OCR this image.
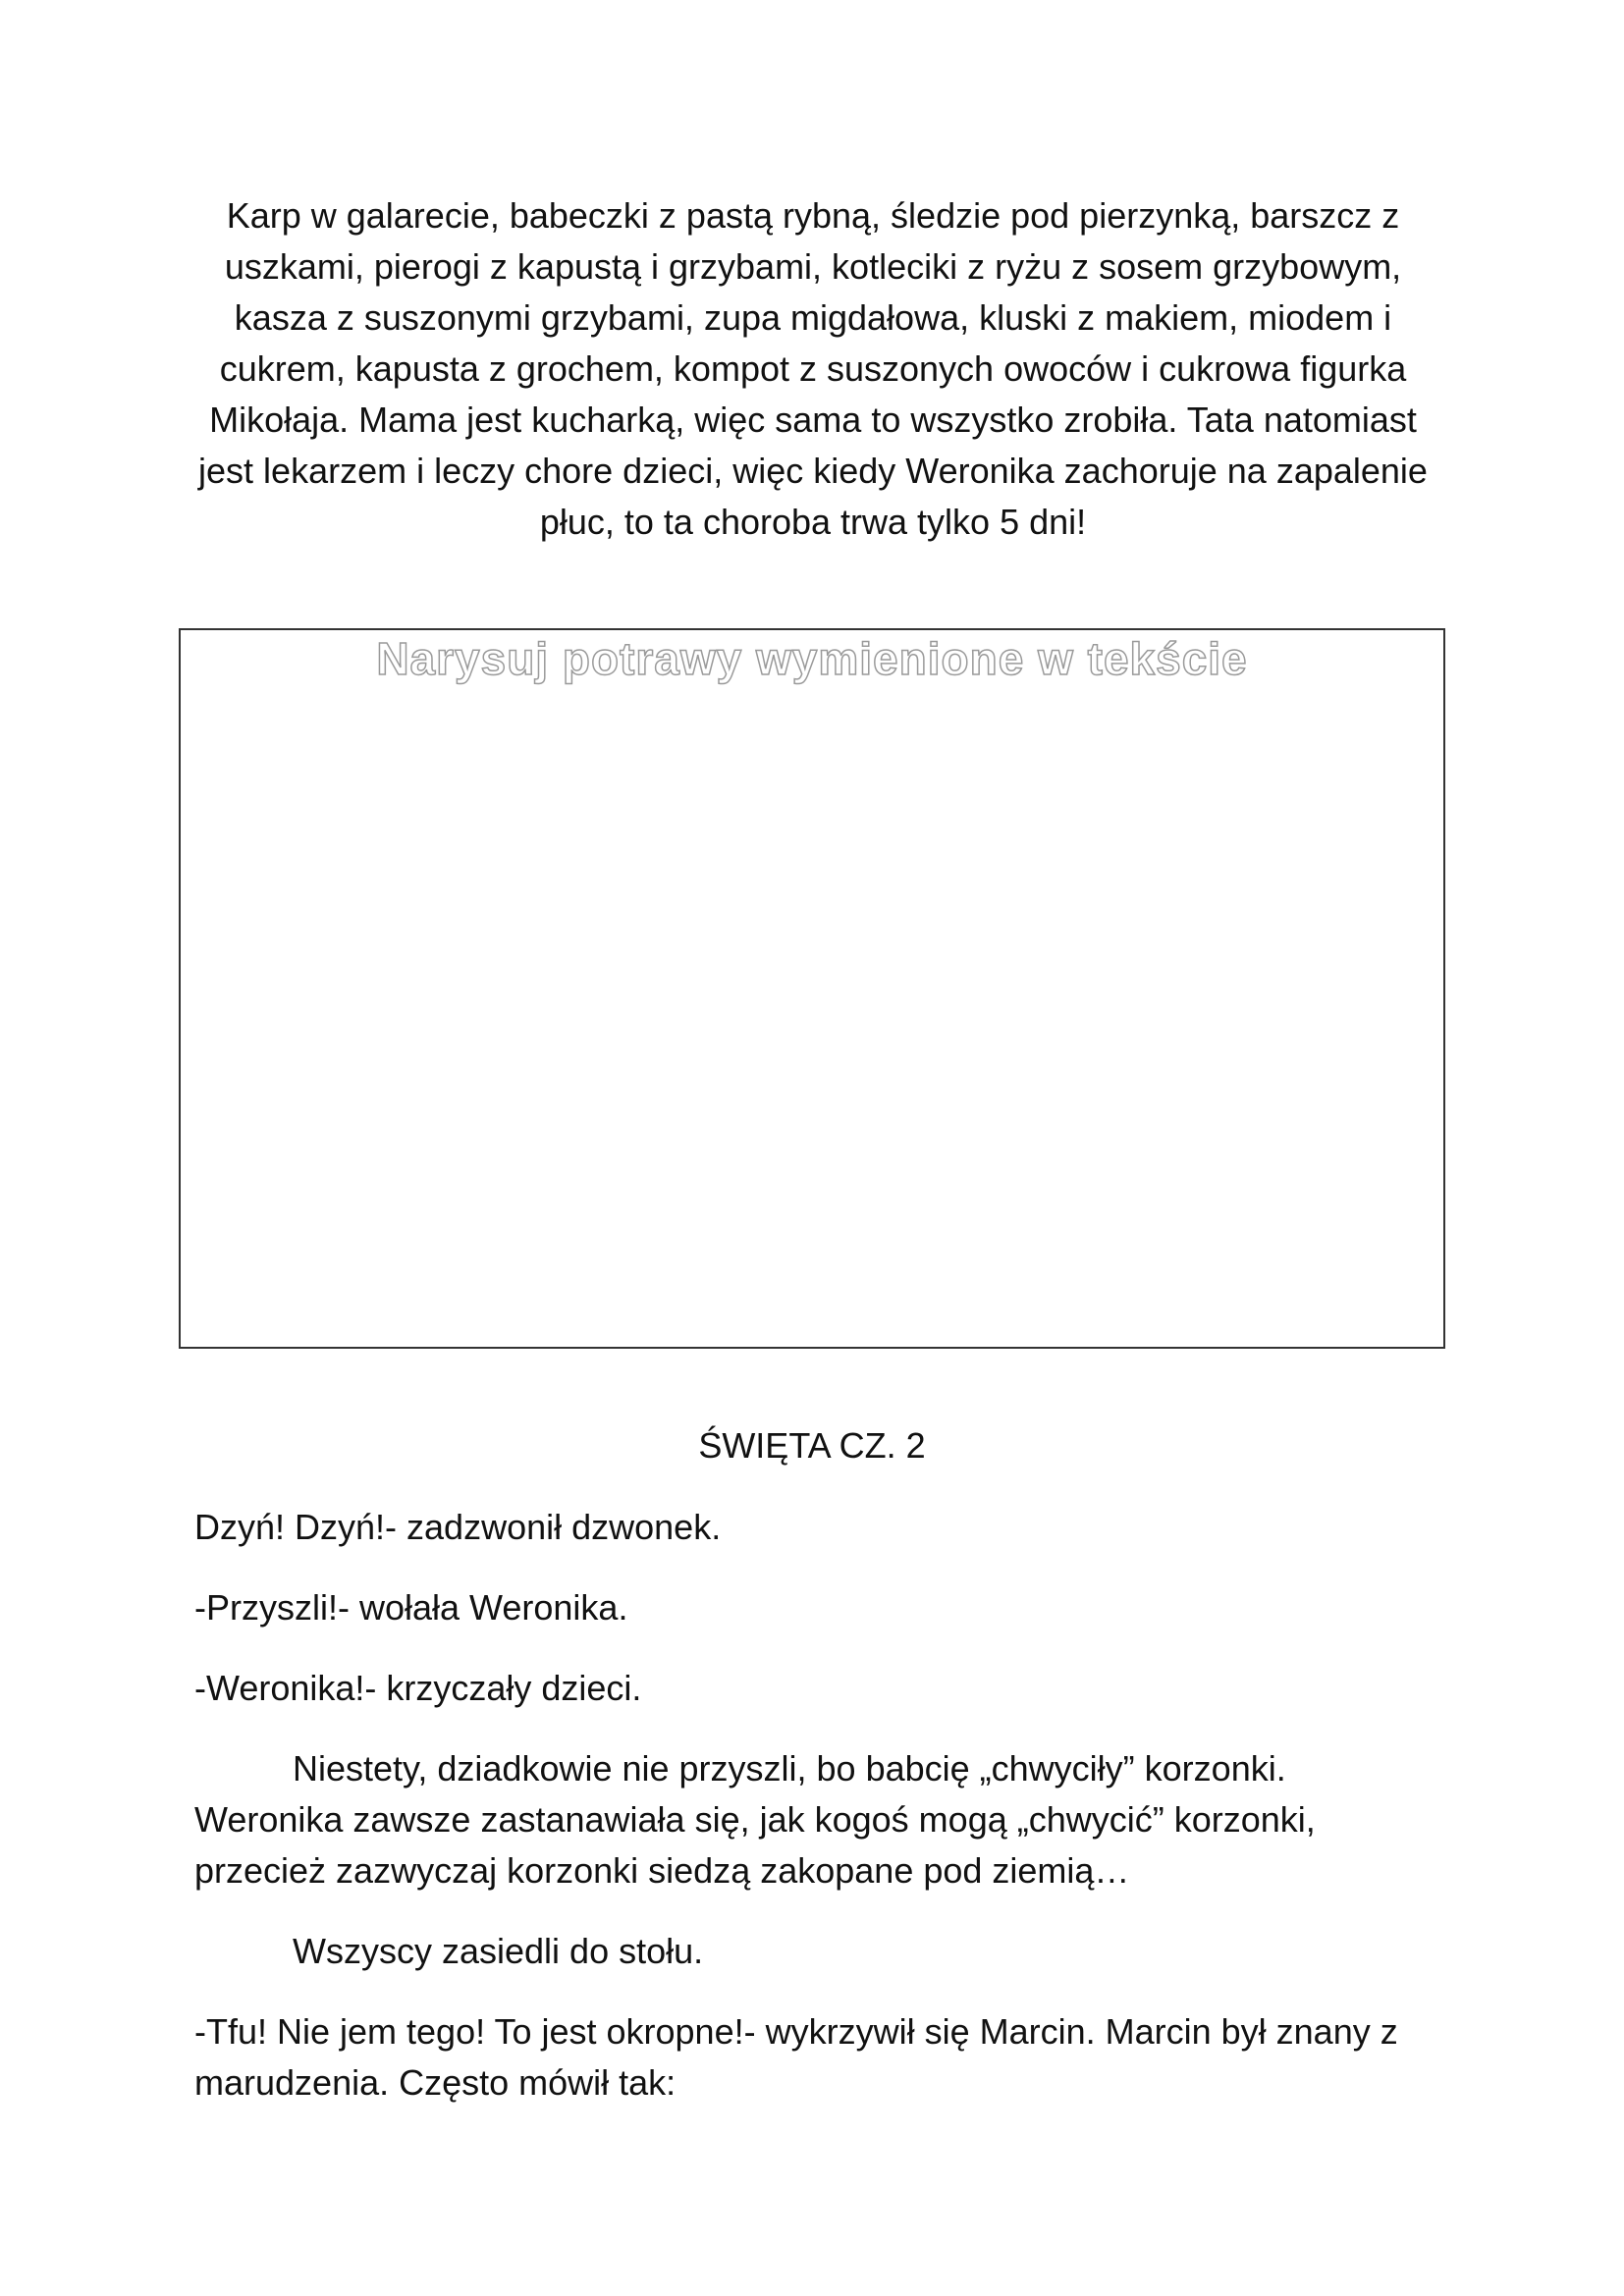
Karp w galarecie, babeczki z pastą rybną, śledzie pod pierzynką, barszcz z uszkami, pierogi z kapustą i grzybami, kotleciki z ryżu z sosem grzybowym, kasza z suszonymi grzybami, zupa migdałowa, kluski z makiem, miodem i cukrem, kapusta z grochem, kompot z suszonych owoców i cukrowa figurka Mikołaja. Mama jest kucharką, więc sama to wszystko zrobiła. Tata natomiast jest lekarzem i leczy chore dzieci, więc kiedy Weronika zachoruje na zapalenie płuc, to ta choroba trwa tylko 5 dni!

Narysuj potrawy wymienione w tekście

ŚWIĘTA CZ. 2

Dzyń! Dzyń!- zadzwonił dzwonek.

-Przyszli!- wołała Weronika.

-Weronika!- krzyczały dzieci.

Niestety, dziadkowie nie przyszli, bo babcię „chwyciły” korzonki. Weronika zawsze zastanawiała się, jak kogoś mogą „chwycić” korzonki, przecież zazwyczaj korzonki siedzą zakopane pod ziemią…

Wszyscy zasiedli do stołu.

-Tfu! Nie jem tego! To jest okropne!- wykrzywił się Marcin. Marcin był znany z marudzenia. Często mówił tak:
